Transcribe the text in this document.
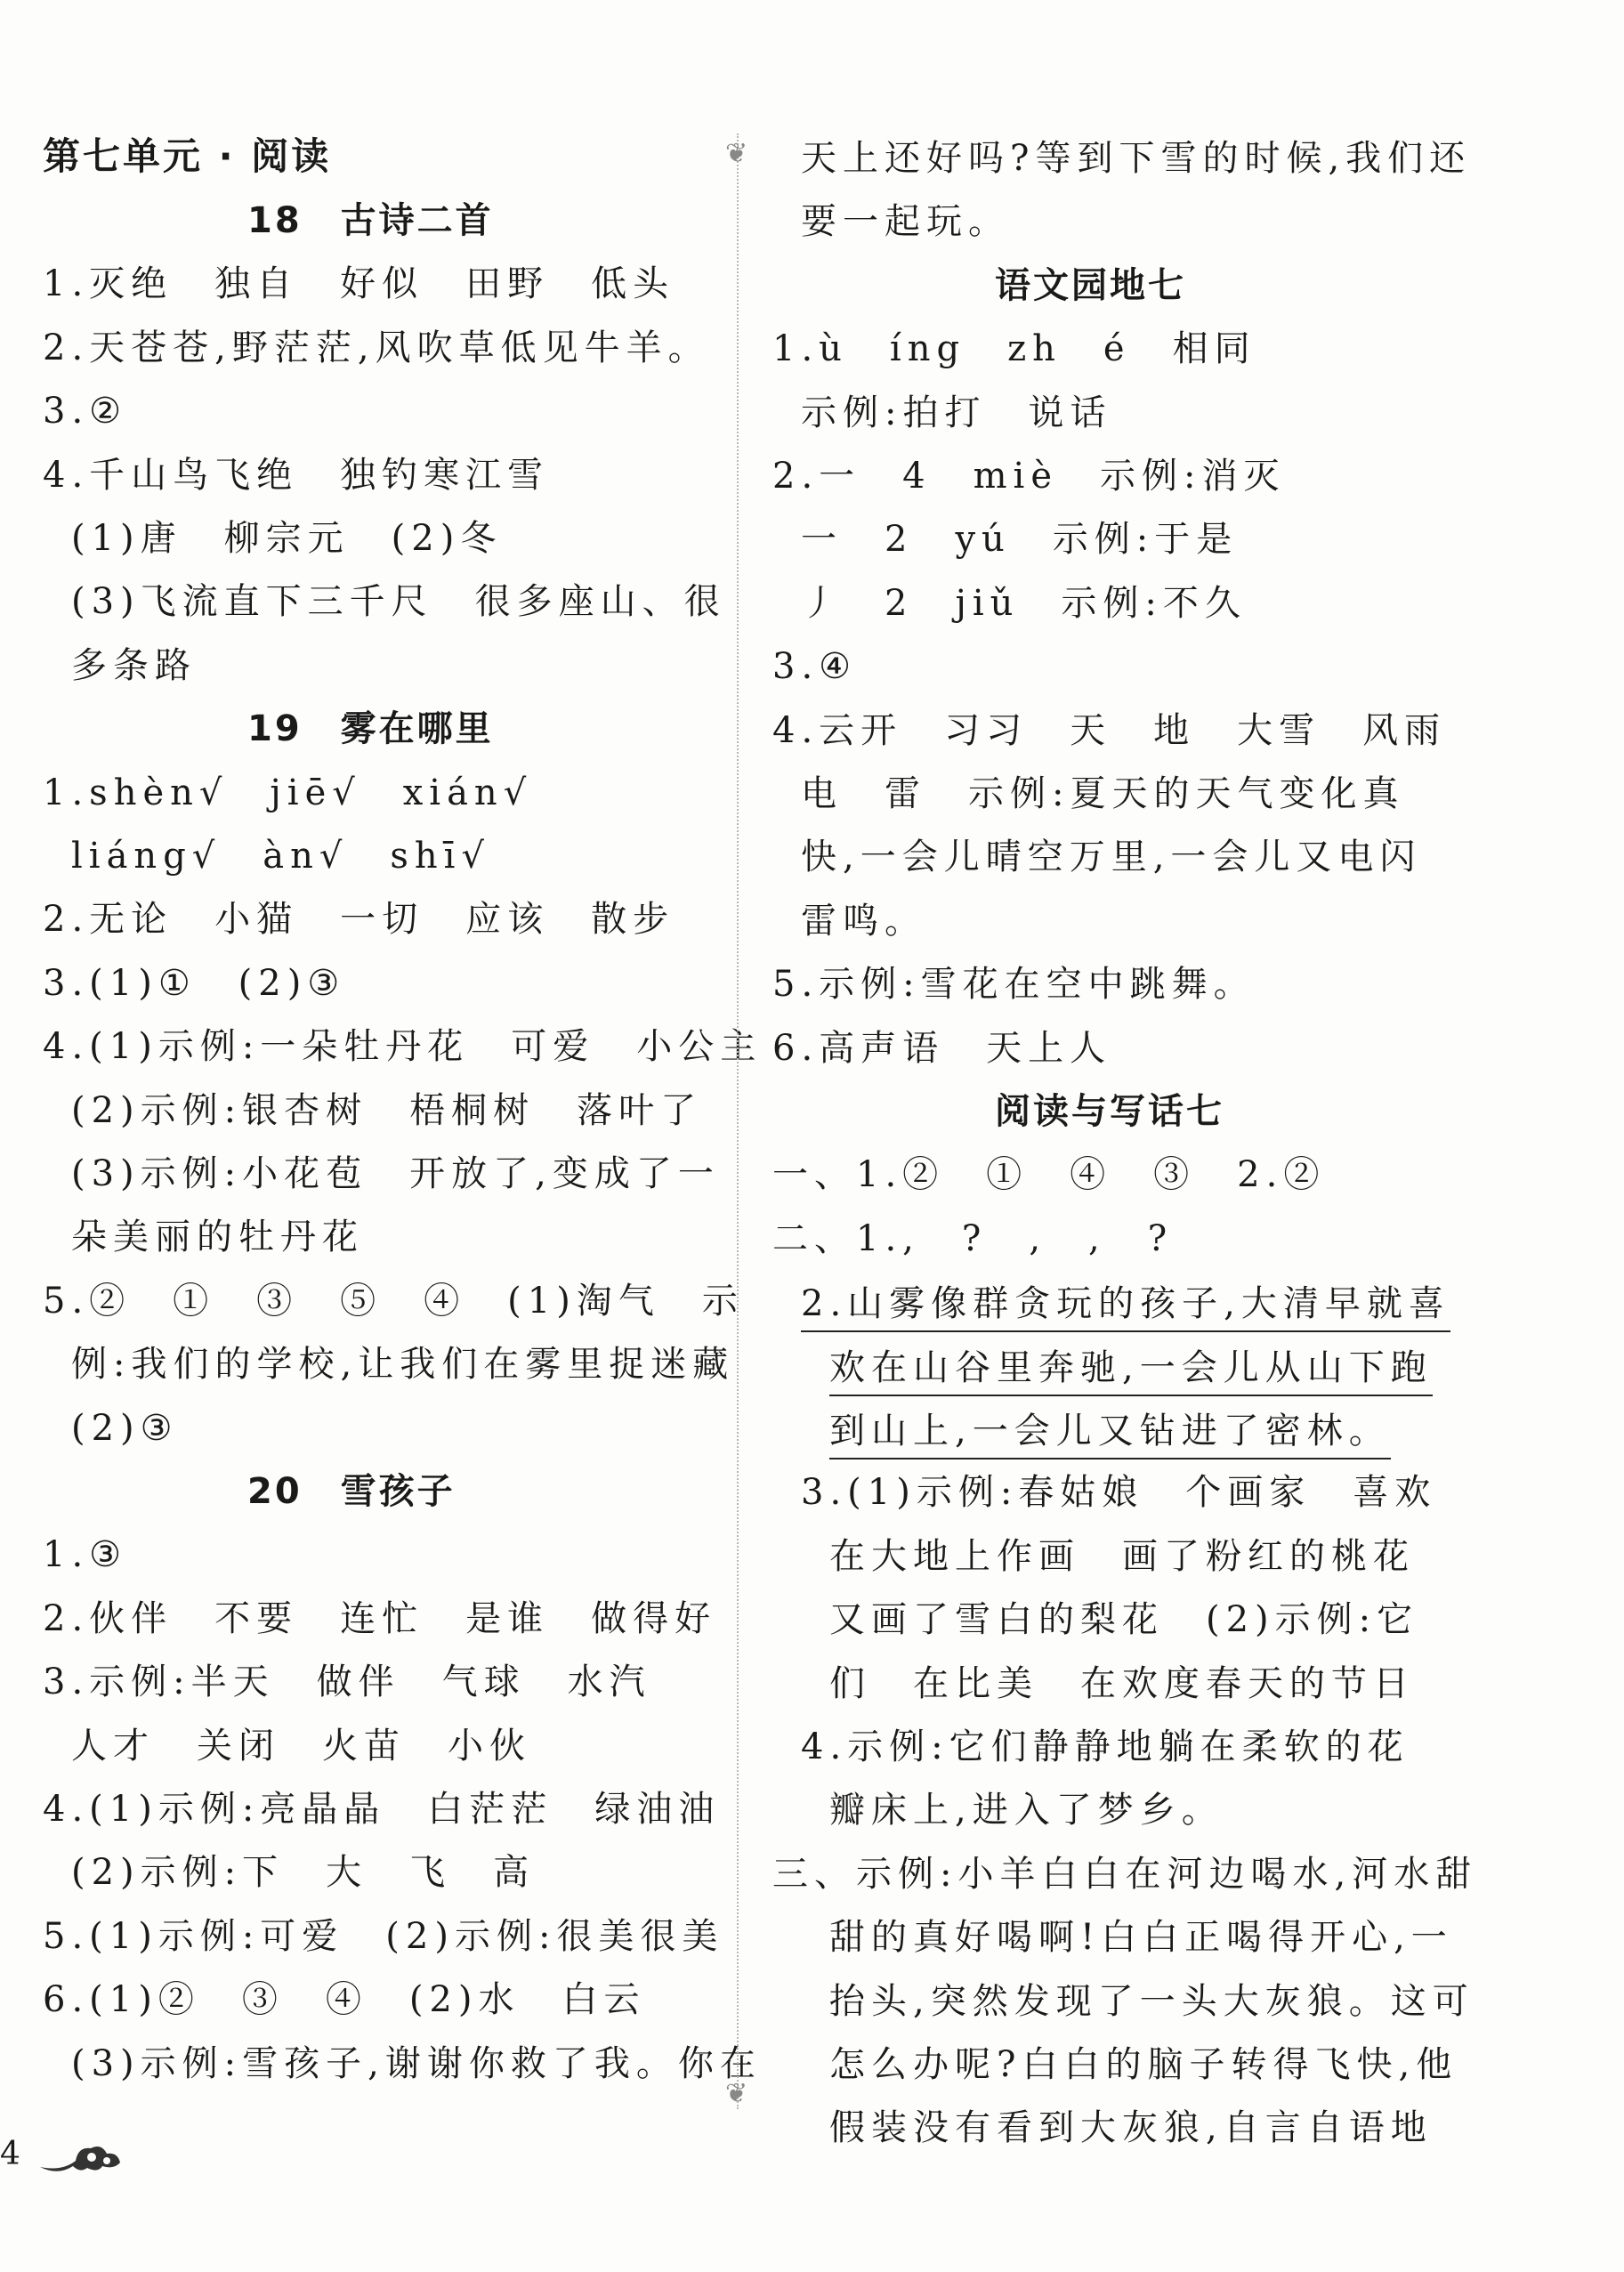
第七单元 · 阅读
18　古诗二首
1.灭绝　独自　好似　田野　低头
2.天苍苍,野茫茫,风吹草低见牛羊。
3.②
4.千山鸟飞绝　独钓寒江雪
(1)唐　柳宗元　(2)冬
(3)飞流直下三千尺　很多座山、很
多条路
19　雾在哪里
1.shèn√　jiē√　xián√
liáng√　àn√　shī√
2.无论　小猫　一切　应该　散步
3.(1)①　(2)③
4.(1)示例:一朵牡丹花　可爱　小公主
(2)示例:银杏树　梧桐树　落叶了
(3)示例:小花苞　开放了,变成了一
朵美丽的牡丹花
5.②　①　③　⑤　④　(1)淘气　示
例:我们的学校,让我们在雾里捉迷藏
(2)③
20　雪孩子
1.③
2.伙伴　不要　连忙　是谁　做得好
3.示例:半天　做伴　气球　水汽
人才　关闭　火苗　小伙
4.(1)示例:亮晶晶　白茫茫　绿油油
(2)示例:下　大　飞　高
5.(1)示例:可爱　(2)示例:很美很美
6.(1)②　③　④　(2)水　白云
(3)示例:雪孩子,谢谢你救了我。你在
天上还好吗?等到下雪的时候,我们还
要一起玩。
语文园地七
1.ù　íng　zh　é　相同
示例:拍打　说话
2.一　4　miè　示例:消灭
一　2　yú　示例:于是
丿　2　jiǔ　示例:不久
3.④
4.云开　习习　天　地　大雪　风雨
电　雷　示例:夏天的天气变化真
快,一会儿晴空万里,一会儿又电闪
雷鸣。
5.示例:雪花在空中跳舞。
6.高声语　天上人
阅读与写话七
一、1.②　①　④　③　2.②
二、1.,　?　,　,　?
2.山雾像群贪玩的孩子,大清早就喜
欢在山谷里奔驰,一会儿从山下跑
到山上,一会儿又钻进了密林。
3.(1)示例:春姑娘　个画家　喜欢
在大地上作画　画了粉红的桃花
又画了雪白的梨花　(2)示例:它
们　在比美　在欢度春天的节日
4.示例:它们静静地躺在柔软的花
瓣床上,进入了梦乡。
三、示例:小羊白白在河边喝水,河水甜
甜的真好喝啊!白白正喝得开心,一
抬头,突然发现了一头大灰狼。这可
怎么办呢?白白的脑子转得飞快,他
假装没有看到大灰狼,自言自语地
❦
❦
4
